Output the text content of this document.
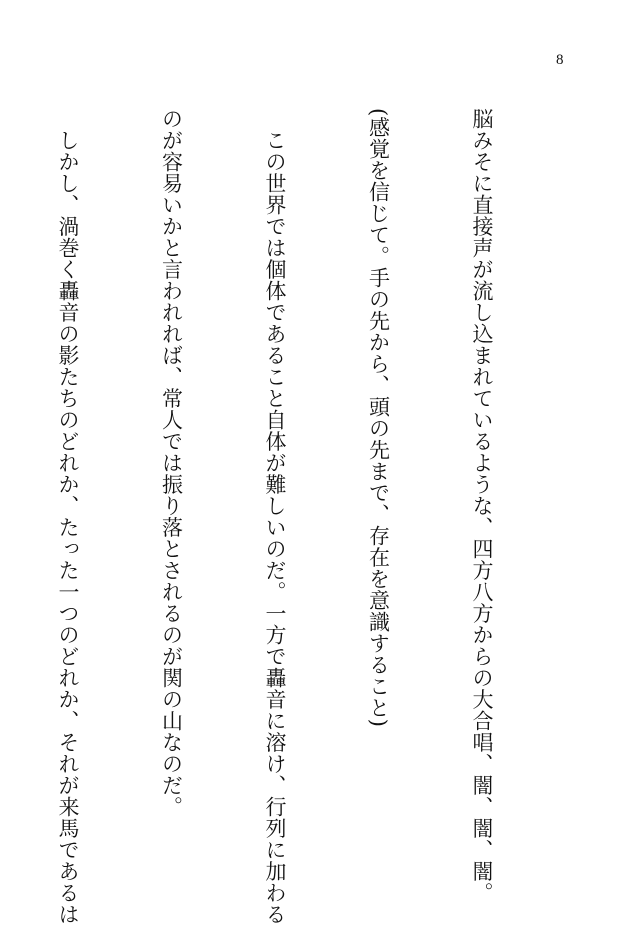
8

脳みそに直接声が流し込まれているような、四方八方からの大合唱、闇、闇、闇。

(感覚を信じて。手の先から、頭の先まで、存在を意識すること)

　この世界では個体であること自体が難しいのだ。一方で轟音に溶け、行列に加わる

のが容易いかと言われれば、常人では振り落とされるのが関の山なのだ。

　しかし、渦巻く轟音の影たちのどれか、たった一つのどれか、それが来馬であるは
